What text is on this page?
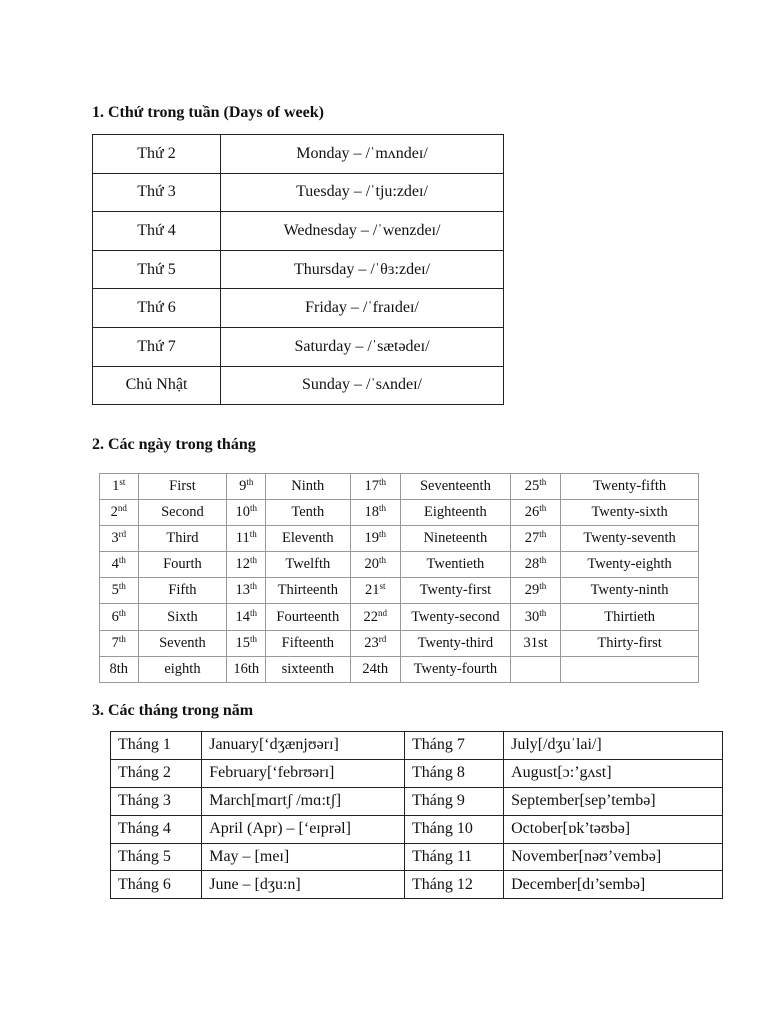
1. Cthứ trong tuần (Days of week)
Thứ 2	Monday – /ˈmʌndeɪ/
Thứ 3	Tuesday – /ˈtju:zdeɪ/
Thứ 4	Wednesday – /ˈwenzdeɪ/
Thứ 5	Thursday – /ˈθɜ:zdeɪ/
Thứ 6	Friday – /ˈfraɪdeɪ/
Thứ 7	Saturday – /ˈsætədeɪ/
Chủ Nhật	Sunday – /ˈsʌndeɪ/
2. Các ngày trong tháng
1st	First	9th	Ninth	17th	Seventeenth	25th	Twenty-fifth
2nd	Second	10th	Tenth	18th	Eighteenth	26th	Twenty-sixth
3rd	Third	11th	Eleventh	19th	Nineteenth	27th	Twenty-seventh
4th	Fourth	12th	Twelfth	20th	Twentieth	28th	Twenty-eighth
5th	Fifth	13th	Thirteenth	21st	Twenty-first	29th	Twenty-ninth
6th	Sixth	14th	Fourteenth	22nd	Twenty-second	30th	Thirtieth
7th	Seventh	15th	Fifteenth	23rd	Twenty-third	31st	Thirty-first
8th	eighth	16th	sixteenth	24th	Twenty-fourth		
3. Các tháng trong năm
Tháng 1	January[‘dʒænjʊərɪ]	Tháng 7	July[/dʒuˈlai/]
Tháng 2	February[‘febrʊərɪ]	Tháng 8	August[ɔ:’gʌst]
Tháng 3	March[mɑrtʃ /mɑ:tʃ]	Tháng 9	September[sep’tembə]
Tháng 4	April (Apr) – [‘eɪprəl]	Tháng 10	October[ɒk’təʊbə]
Tháng 5	May – [meɪ]	Tháng 11	November[nəʊ’vembə]
Tháng 6	June – [dʒu:n]	Tháng 12	December[dɪ’sembə]
